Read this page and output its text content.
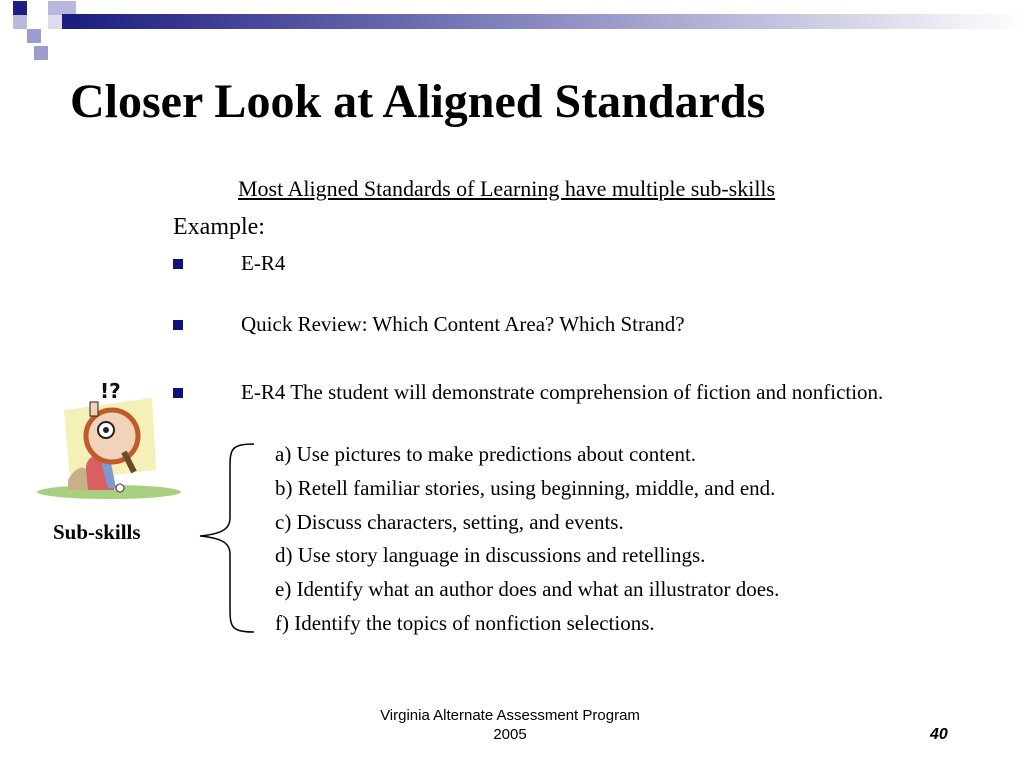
Closer Look at Aligned Standards
Most Aligned Standards of Learning have multiple sub-skills
Example:
E-R4
Quick Review: Which Content Area? Which Strand?
E-R4 The student will demonstrate comprehension of fiction and nonfiction.
a) Use pictures to make predictions about content.
b) Retell familiar stories, using beginning, middle, and end.
c) Discuss characters, setting, and events.
d) Use story language in discussions and retellings.
e) Identify what an author does and what an illustrator does.
f) Identify the topics of nonfiction selections.
!?
Sub-skills
Virginia Alternate Assessment Program
2005	40
